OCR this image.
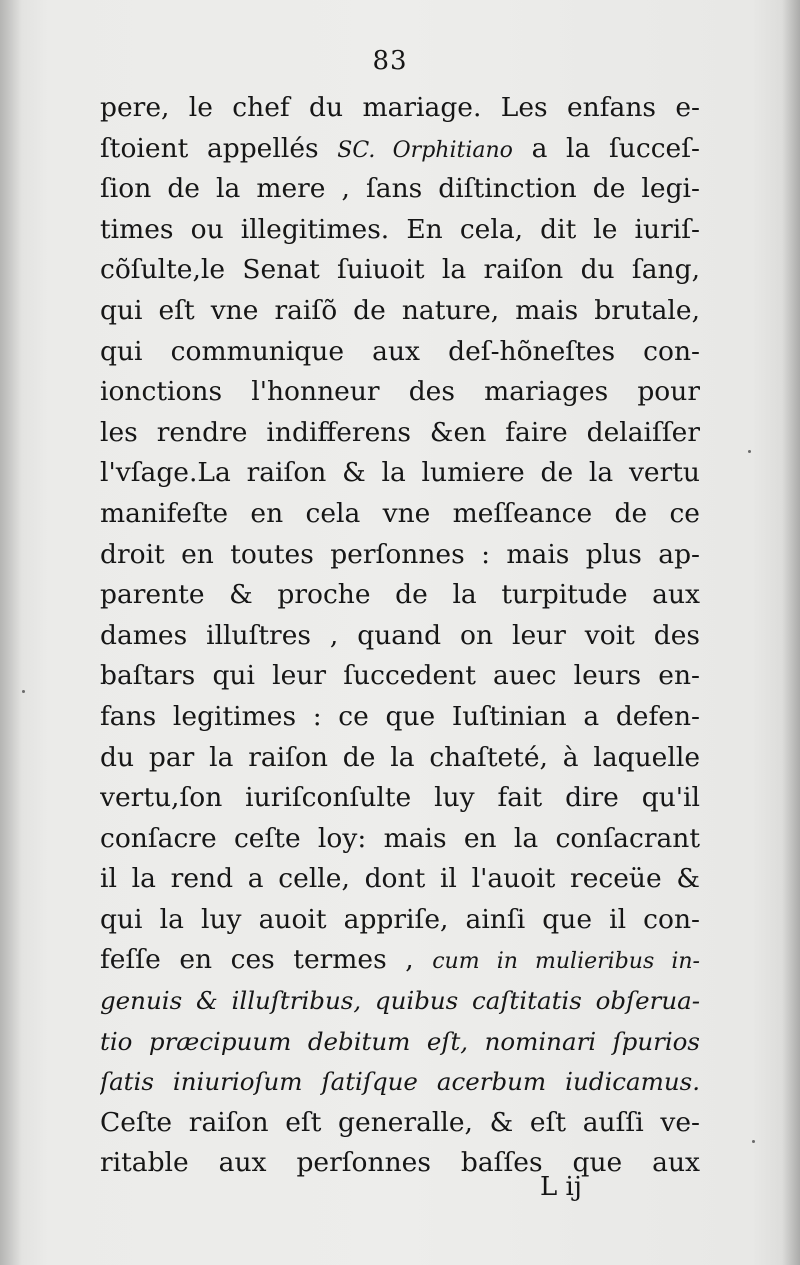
83
pere, le chef du mariage. Les enfans e-
ſtoient appellés SC. Orphitiano a la ſucceſ-
ſion de la mere , ſans diſtinction de legi-
times ou illegitimes. En cela, dit le iuriſ-
cõſulte,le Senat ſuiuoit la raiſon du ſang,
qui eſt vne raiſõ de nature, mais brutale,
qui communique aux deſ-hõneſtes con-
ionctions l'honneur des mariages pour
les rendre indifferens &en faire delaiſſer
l'vſage.La raiſon & la lumiere de la vertu
manifeſte en cela vne meſſeance de ce
droit en toutes perſonnes : mais plus ap-
parente & proche de la turpitude aux
dames illuſtres , quand on leur voit des
baſtars qui leur ſuccedent auec leurs en-
fans legitimes : ce que Iuſtinian a defen-
du par la raiſon de la chaſteté, à laquelle
vertu,ſon iuriſconſulte luy fait dire qu'il
conſacre ceſte loy: mais en la conſacrant
il la rend a celle, dont il l'auoit receüe &
qui la luy auoit appriſe, ainſi que il con-
feſſe en ces termes , cum in mulieribus in-
genuis & illuſtribus, quibus caſtitatis obſerua-
tio præcipuum debitum eſt, nominari ſpurios
ſatis iniurioſum ſatiſque acerbum iudicamus.
Ceſte raiſon eſt generalle, & eſt auſſi ve-
ritable aux perſonnes baſſes que aux
L ij
